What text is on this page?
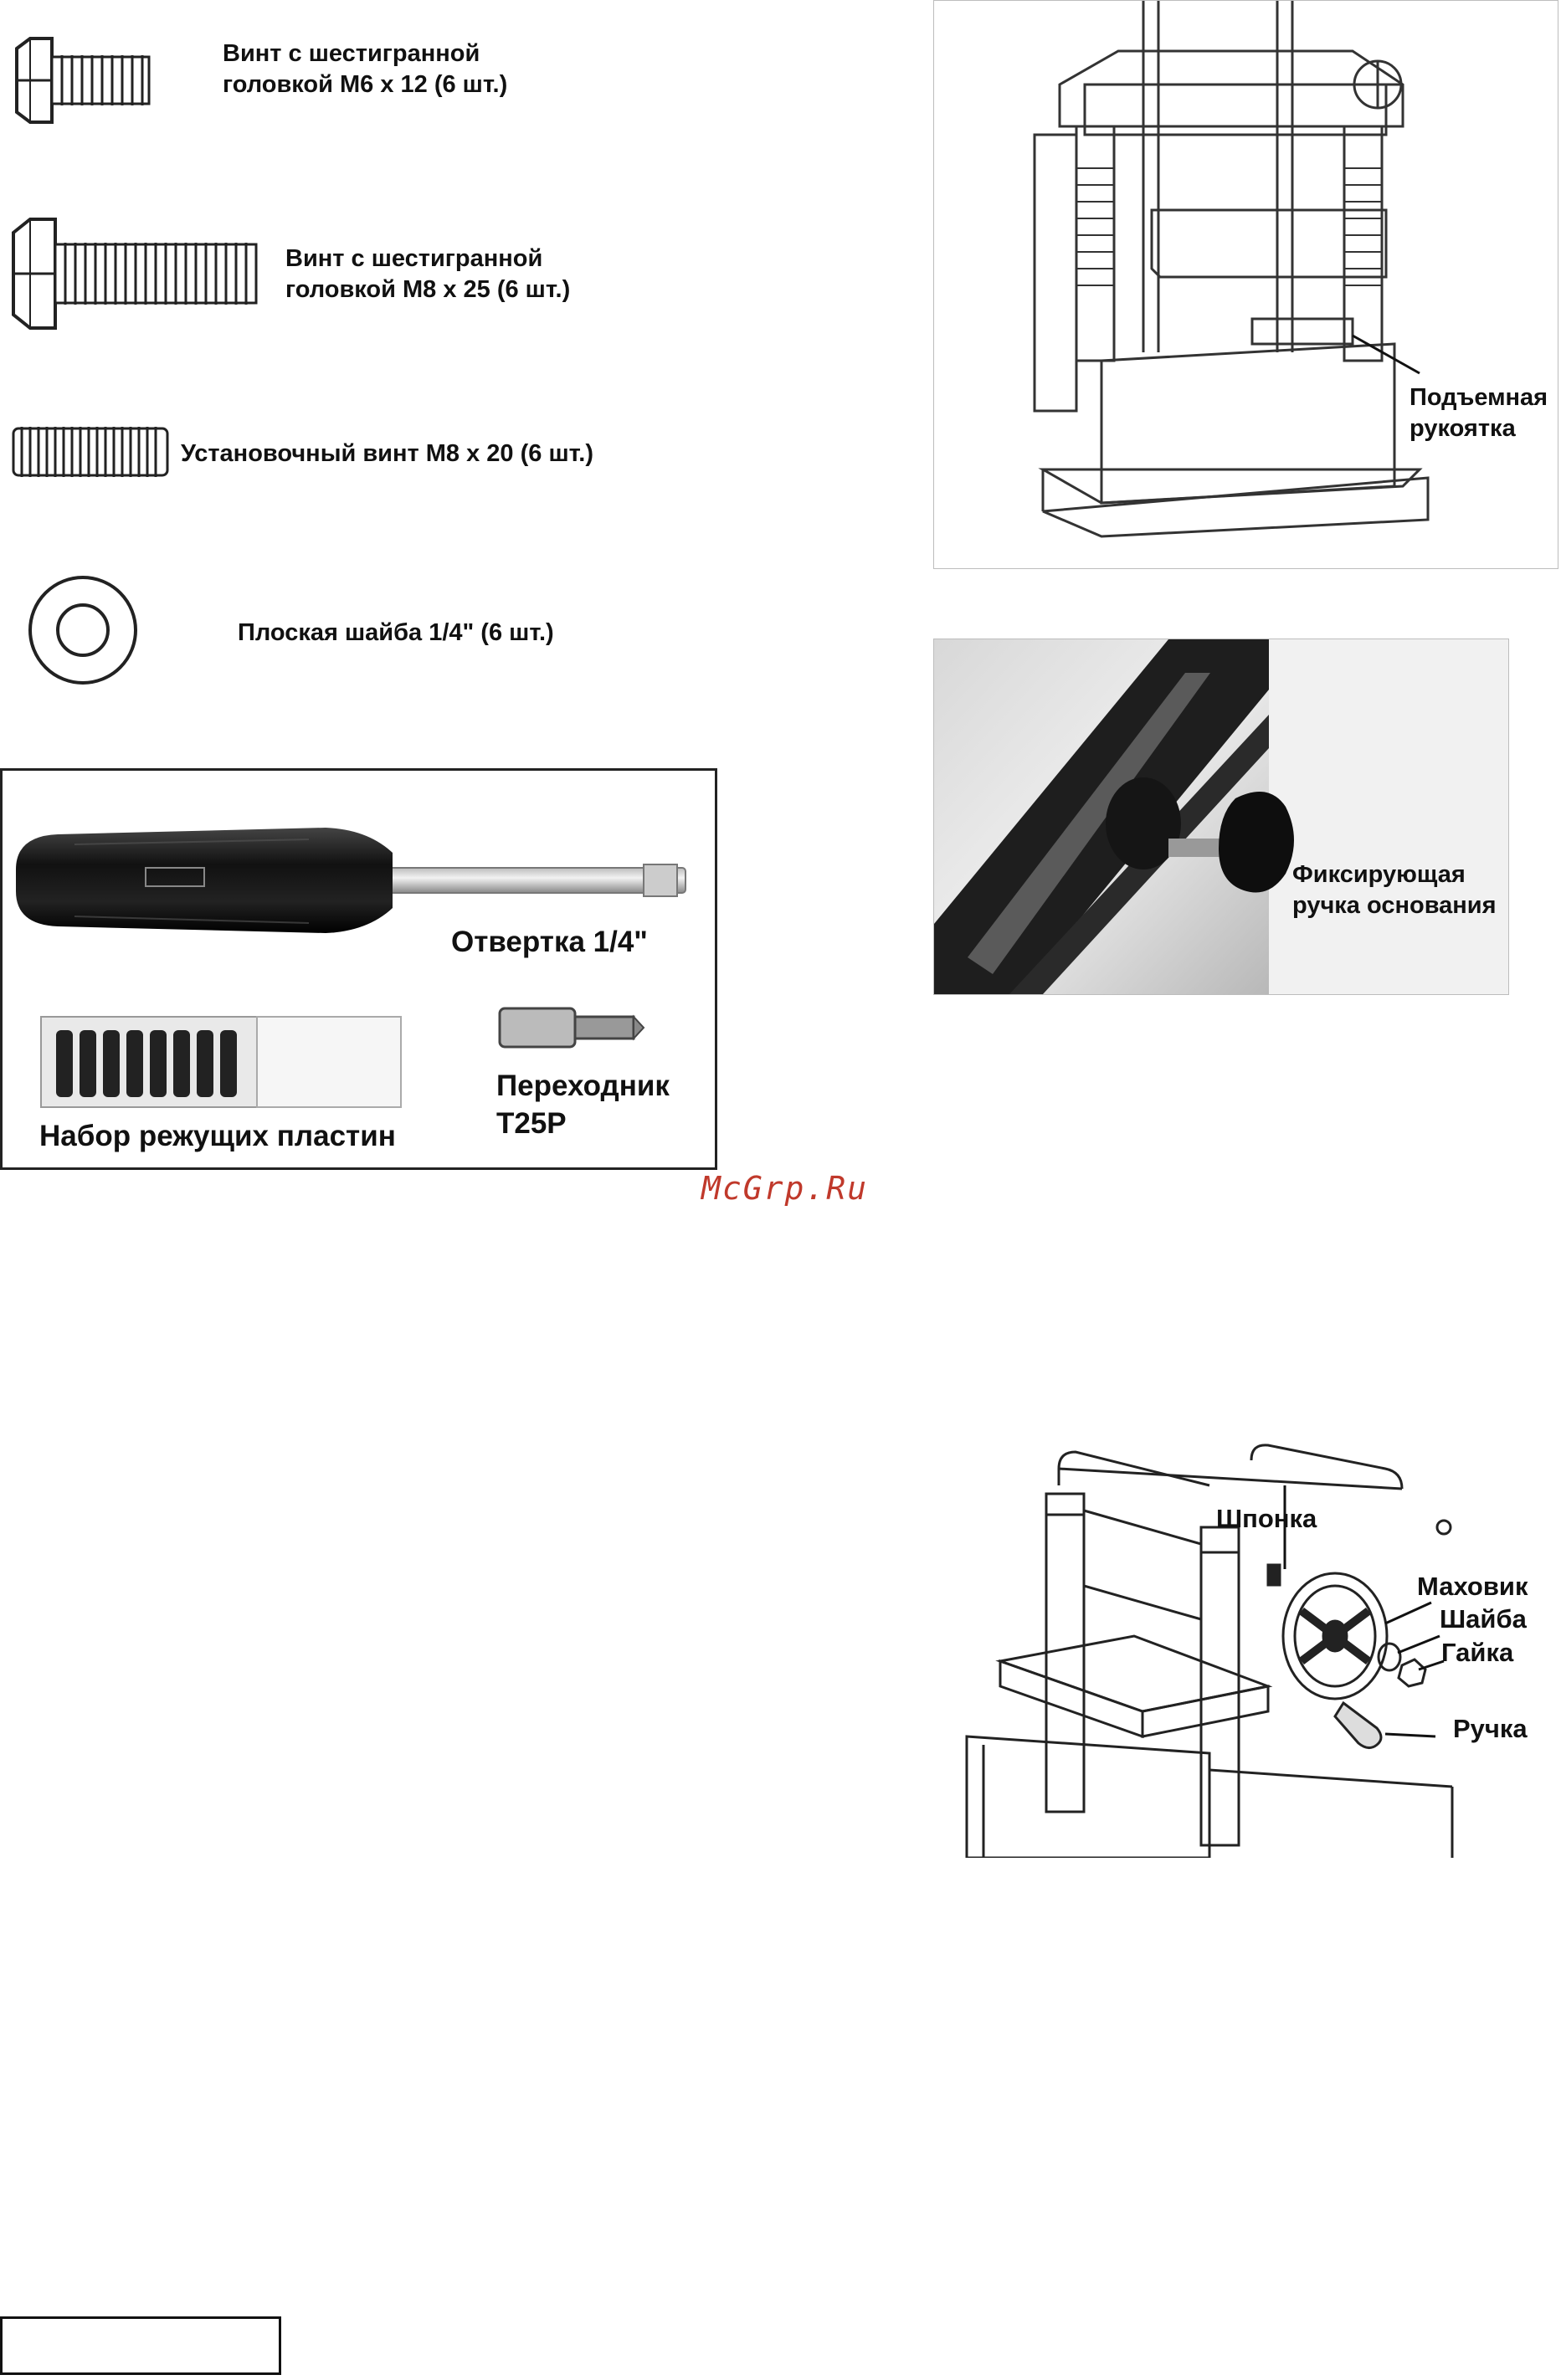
Винт с шестигранной
головкой М6 х 12 (6 шт.)
Винт с шестигранной
головкой М8 х 25 (6 шт.)
Установочный винт М8 х 20 (6 шт.)
Плоская шайба 1/4" (6 шт.)
Отвертка 1/4"
Набор режущих пластин
Переходник
T25P
McGrp.Ru
Подъемная
рукоятка
Фиксирующая
ручка основания
Шпонка
Маховик
Шайба
Гайка
Ручка
